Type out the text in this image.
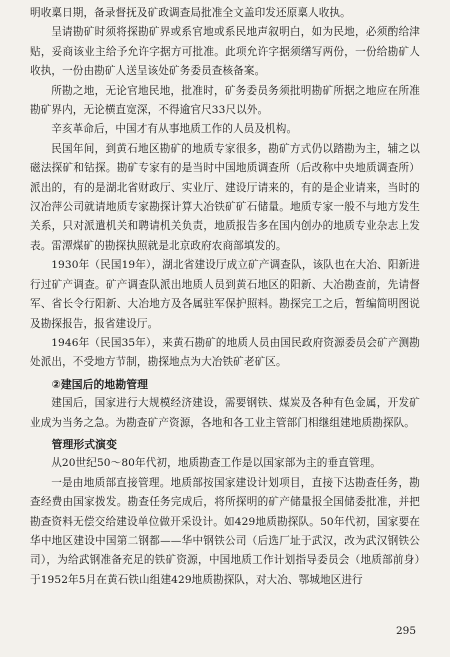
明收稟日期，备录督抚及矿政调查局批准全文盖印发还原稟人收执。

呈请勘矿时须将探勘矿界或系官地或系民地声叙明白，如为民地，必须酌给津贴，妥商该业主给予允许字据方可批准。此项允许字据须缮写两份，一份给勘矿人收执，一份由勘矿人送呈该处矿务委员查核备案。

所勘之地，无论官地民地，批准时，矿务委员务须批明勘矿所据之地应在所准勘矿界内，无论横直宽深，不得逾官尺33尺以外。

辛亥革命后，中国才有从事地质工作的人员及机构。

民国年间，到黄石地区勘矿的地质专家很多，勘矿方式仍以踏勘为主，辅之以磁法探矿和钻探。勘矿专家有的是当时中国地质调查所（后改称中央地质调查所）派出的，有的是湖北省财政厅、实业厅、建设厅请来的，有的是企业请来，当时的汉冶萍公司就请地质专家勘探计算大冶铁矿矿石储量。地质专家一般不与地方发生关系，只对派遣机关和聘请机关负责，地质报告多在国内创办的地质专业杂志上发表。雷潭煤矿的勘探执照就是北京政府农商部填发的。

1930年（民国19年），湖北省建设厅成立矿产调查队，该队也在大冶、阳新进行过矿产调查。矿产调查队派出地质人员到黄石地区的阳新、大冶勘查前，先请督军、省长令行阳新、大冶地方及各属驻军保护照料。勘探完工之后，暂编简明图说及勘探报告，报省建设厅。

1946年（民国35年），来黄石勘矿的地质人员由国民政府资源委员会矿产测勘处派出，不受地方节制，勘探地点为大冶铁矿老矿区。

②建国后的地勘管理

建国后，国家进行大规模经济建设，需要钢铁、煤炭及各种有色金属，开发矿业成为当务之急。为勘查矿产资源，各地和各工业主管部门相继组建地质勘探队。

管理形式演变

从20世纪50～80年代初，地质勘查工作是以国家部为主的垂直管理。

一是由地质部直接管理。地质部按国家建设计划项目，直接下达勘查任务，勘查经费由国家拨发。勘查任务完成后，将所探明的矿产储量报全国储委批准，并把勘查资料无偿交给建设单位做开采设计。如429地质勘探队。50年代初，国家要在华中地区建设中国第二钢都——华中钢铁公司（后选厂址于武汉，改为武汉钢铁公司），为给武钢准备充足的铁矿资源，中国地质工作计划指导委员会（地质部前身）于1952年5月在黄石铁山组建429地质勘探队，对大冶、鄂城地区进行

295
